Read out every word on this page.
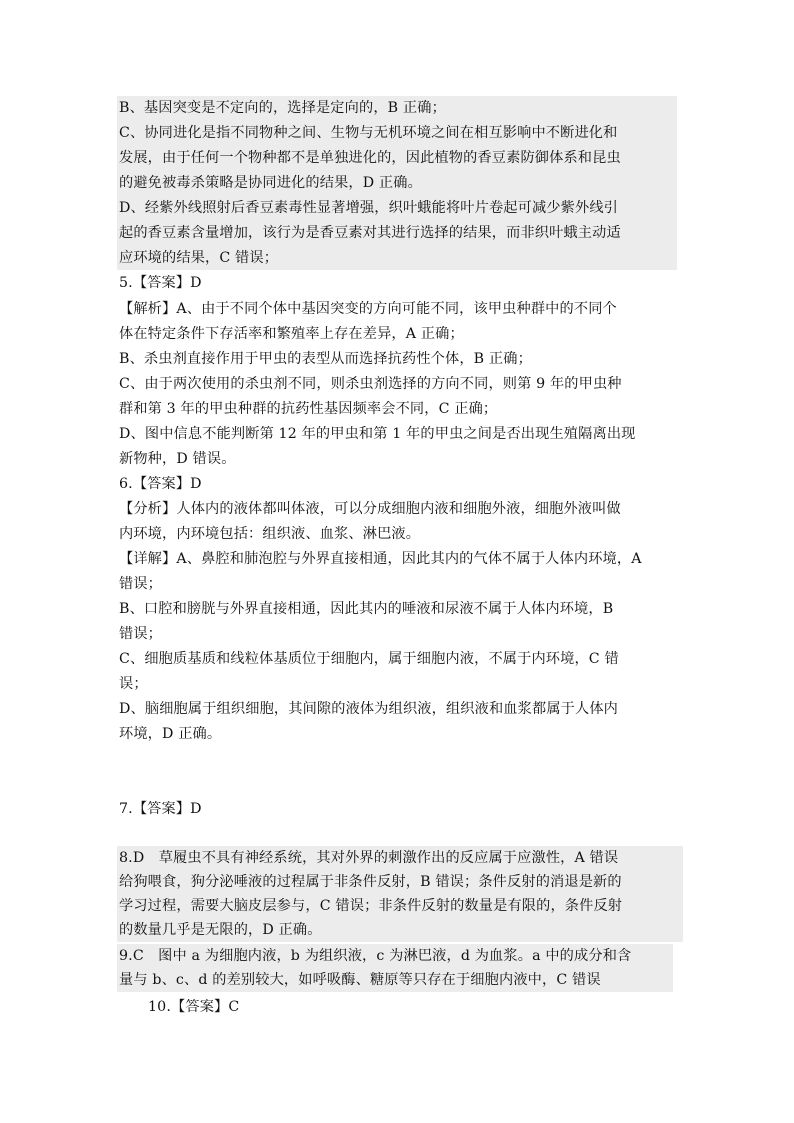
B、基因突变是不定向的，选择是定向的，B 正确；
C、协同进化是指不同物种之间、生物与无机环境之间在相互影响中不断进化和
发展，由于任何一个物种都不是单独进化的，因此植物的香豆素防御体系和昆虫
的避免被毒杀策略是协同进化的结果，D 正确。
D、经紫外线照射后香豆素毒性显著增强，织叶蛾能将叶片卷起可减少紫外线引
起的香豆素含量增加，该行为是香豆素对其进行选择的结果，而非织叶蛾主动适
应环境的结果，C 错误；
5.【答案】D
【解析】A、由于不同个体中基因突变的方向可能不同，该甲虫种群中的不同个
体在特定条件下存活率和繁殖率上存在差异，A 正确；
B、杀虫剂直接作用于甲虫的表型从而选择抗药性个体，B 正确；
C、由于两次使用的杀虫剂不同，则杀虫剂选择的方向不同，则第 9 年的甲虫种
群和第 3 年的甲虫种群的抗药性基因频率会不同，C 正确；
D、图中信息不能判断第 12 年的甲虫和第 1 年的甲虫之间是否出现生殖隔离出现
新物种，D 错误。
6.【答案】D
【分析】人体内的液体都叫体液，可以分成细胞内液和细胞外液，细胞外液叫做
内环境，内环境包括：组织液、血浆、淋巴液。
【详解】A、鼻腔和肺泡腔与外界直接相通，因此其内的气体不属于人体内环境，A
错误；
B、口腔和膀胱与外界直接相通，因此其内的唾液和尿液不属于人体内环境，B
错误；
C、细胞质基质和线粒体基质位于细胞内，属于细胞内液，不属于内环境，C 错
误；
D、脑细胞属于组织细胞，其间隙的液体为组织液，组织液和血浆都属于人体内
环境，D 正确。
7.【答案】D
8.D　草履虫不具有神经系统，其对外界的刺激作出的反应属于应激性，A 错误
给狗喂食，狗分泌唾液的过程属于非条件反射，B 错误；条件反射的消退是新的
学习过程，需要大脑皮层参与，C 错误；非条件反射的数量是有限的，条件反射
的数量几乎是无限的，D 正确。
9.C　图中 a 为细胞内液，b 为组织液，c 为淋巴液，d 为血浆。a 中的成分和含
量与 b、c、d 的差别较大，如呼吸酶、糖原等只存在于细胞内液中，C 错误
10.【答案】C
